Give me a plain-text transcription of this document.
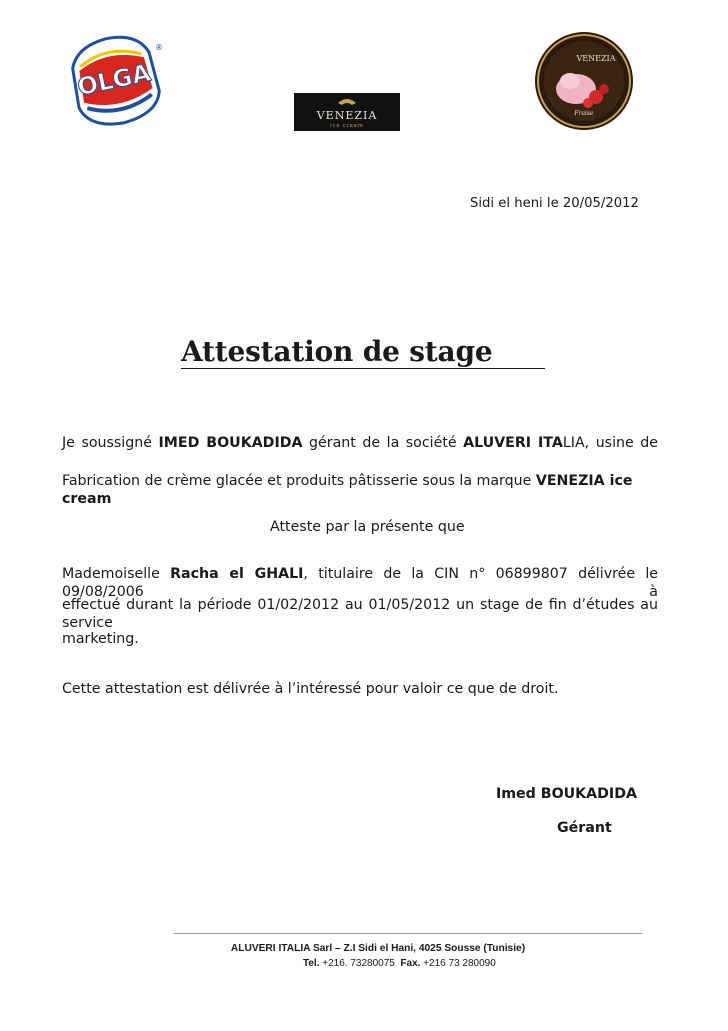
OLGA
®
VENEZIA
ice cream
VENEZIA
Fraise
Sidi el heni le 20/05/2012
Attestation de stage
Je soussigné IMED BOUKADIDA gérant de la société ALUVERI ITALIA, usine de
Fabrication de crème glacée et produits pâtisserie sous la marque VENEZIA ice cream
Atteste par la présente que
Mademoiselle Racha el GHALI, titulaire de la CIN n° 06899807 délivrée le 09/08/2006 à
effectué durant la période 01/02/2012 au 01/05/2012 un stage de fin d’études au service
marketing.
Cette attestation est délivrée à l’intéressé pour valoir ce que de droit.
Imed BOUKADIDA
Gérant
ALUVERI ITALIA Sarl – Z.I Sidi el Hani, 4025 Sousse (Tunisie)
Tel. +216. 73280075 Fax. +216 73 280090
